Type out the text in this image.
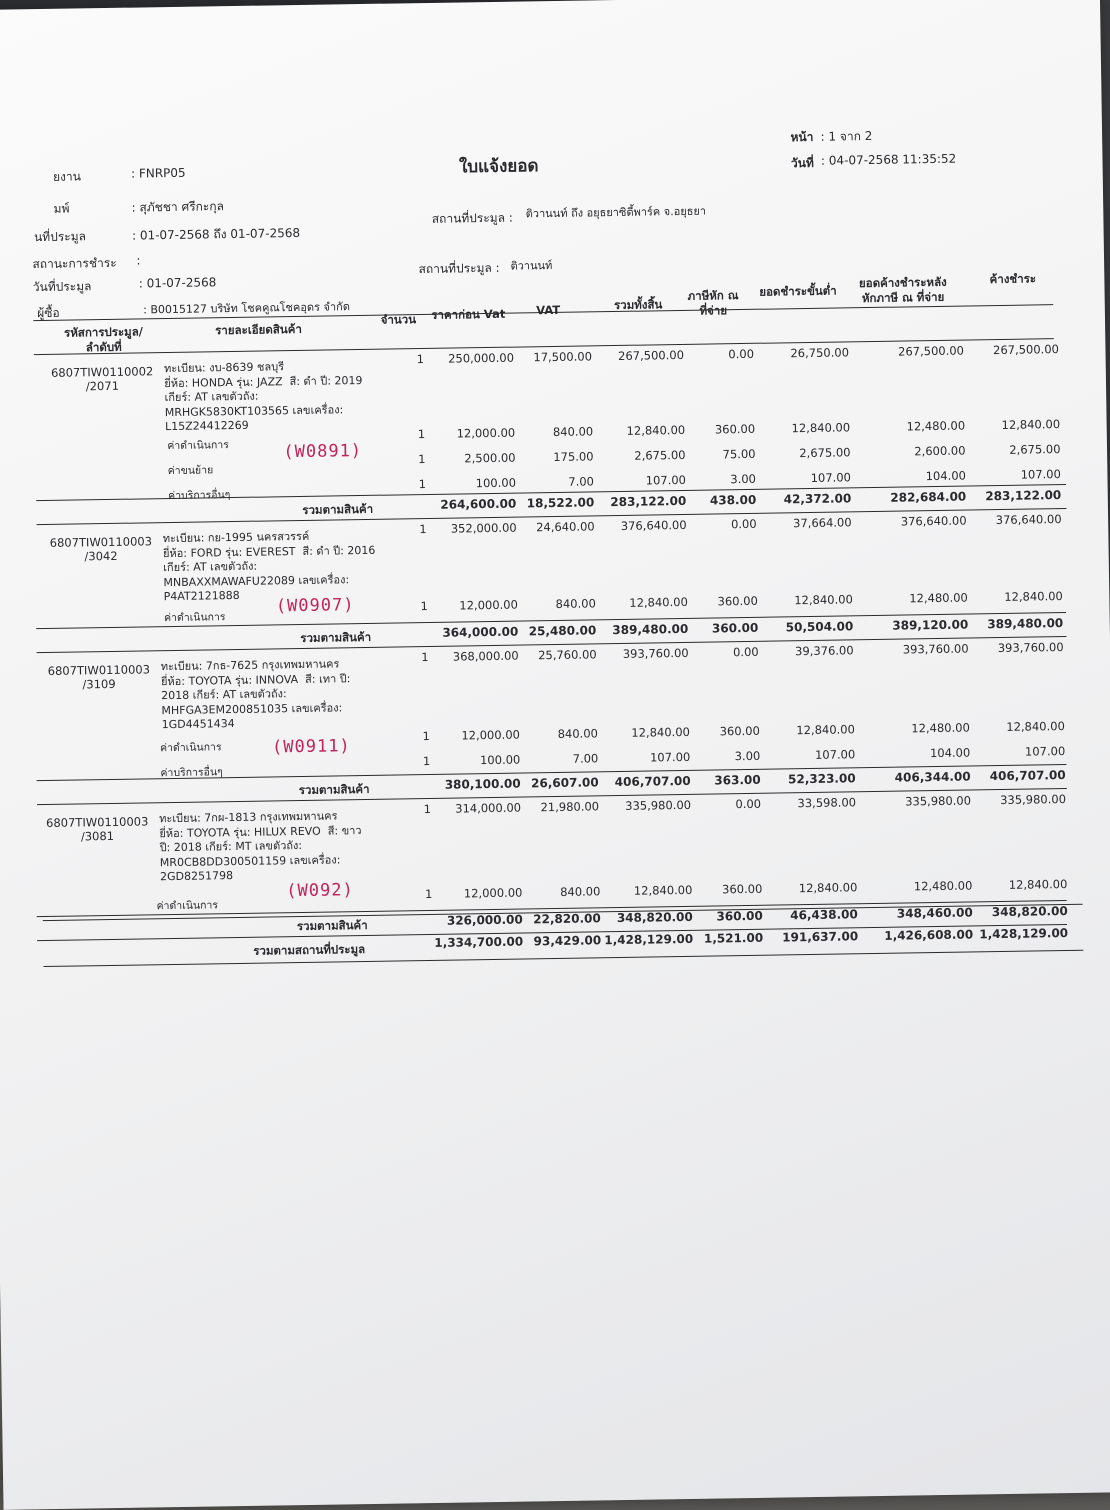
ยงาน	: FNRP05
มพ์	: สุภัชชา ศรีกะกุล
นที่ประมูล	: 01-07-2568 ถึง 01-07-2568
สถานะการชำระ :
วันที่ประมูล	: 01-07-2568
ผู้ซื้อ	: B0015127 บริษัท โชคคูณโชคอุดร จำกัด
ใบแจ้งยอด
หน้า : 1 จาก 2
วันที่ : 04-07-2568 11:35:52
สถานที่ประมูล : ติวานนท์ ถึง อยุธยาซิตี้พาร์ค จ.อยุธยา
สถานที่ประมูล : ติวานนท์
รหัสการประมูล/
ลำดับที่
รายละเอียดสินค้า
จำนวน	ราคาก่อน Vat	VAT	รวมทั้งสิ้น
ภาษีหัก ณ
ที่จ่าย
ยอดชำระขั้นต่ำ
ยอดค้างชำระหลัง
หักภาษี ณ ที่จ่าย
ค้างชำระ
6807TIW0110002
/2071
ทะเบียน: งบ-8639 ชลบุรี
ยี่ห้อ: HONDA รุ่น: JAZZ  สี: ดำ ปี: 2019
เกียร์: AT เลขตัวถัง:
MRHGK5830KT103565 เลขเครื่อง:
L15Z24412269
1	250,000.00	17,500.00	267,500.00	0.00	26,750.00	267,500.00	267,500.00
ค่าดำเนินการ
1	12,000.00	840.00	12,840.00	360.00	12,840.00	12,480.00	12,840.00
ค่าขนย้าย
1	2,500.00	175.00	2,675.00	75.00	2,675.00	2,600.00	2,675.00
ค่าบริการอื่นๆ
1	100.00	7.00	107.00	3.00	107.00	104.00	107.00
(W0891)
รวมตามสินค้า	264,600.00 18,522.00	283,122.00	438.00	42,372.00	282,684.00	283,122.00
6807TIW0110003
/3042
ทะเบียน: กย-1995 นครสวรรค์
ยี่ห้อ: FORD รุ่น: EVEREST  สี: ดำ ปี: 2016
เกียร์: AT เลขตัวถัง:
MNBAXXMAWAFU22089 เลขเครื่อง:
P4AT2121888
1	352,000.00	24,640.00	376,640.00	0.00	37,664.00	376,640.00	376,640.00
ค่าดำเนินการ
1	12,000.00	840.00	12,840.00	360.00	12,840.00	12,480.00	12,840.00
(W0907)
รวมตามสินค้า	364,000.00 25,480.00	389,480.00	360.00	50,504.00	389,120.00	389,480.00
6807TIW0110003
/3109
ทะเบียน: 7กธ-7625 กรุงเทพมหานคร
ยี่ห้อ: TOYOTA รุ่น: INNOVA  สี: เทา ปี:
2018 เกียร์: AT เลขตัวถัง:
MHFGA3EM200851035 เลขเครื่อง:
1GD4451434
1	368,000.00	25,760.00	393,760.00	0.00	39,376.00	393,760.00	393,760.00
ค่าดำเนินการ
1	12,000.00	840.00	12,840.00	360.00	12,840.00	12,480.00	12,840.00
ค่าบริการอื่นๆ
1	100.00	7.00	107.00	3.00	107.00	104.00	107.00
(W0911)
รวมตามสินค้า	380,100.00 26,607.00	406,707.00	363.00	52,323.00	406,344.00	406,707.00
6807TIW0110003
/3081
ทะเบียน: 7กผ-1813 กรุงเทพมหานคร
ยี่ห้อ: TOYOTA รุ่น: HILUX REVO  สี: ขาว
ปี: 2018 เกียร์: MT เลขตัวถัง:
MR0CB8DD300501159 เลขเครื่อง:
2GD8251798
1	314,000.00	21,980.00	335,980.00	0.00	33,598.00	335,980.00	335,980.00
ค่าดำเนินการ
1	12,000.00	840.00	12,840.00	360.00	12,840.00	12,480.00	12,840.00
(W092)
รวมตามสินค้า	326,000.00 22,820.00	348,820.00	360.00	46,438.00	348,460.00	348,820.00
รวมตามสถานที่ประมูล	1,334,700.00 93,429.00 1,428,129.00 1,521.00	191,637.00	1,426,608.00 1,428,129.00
